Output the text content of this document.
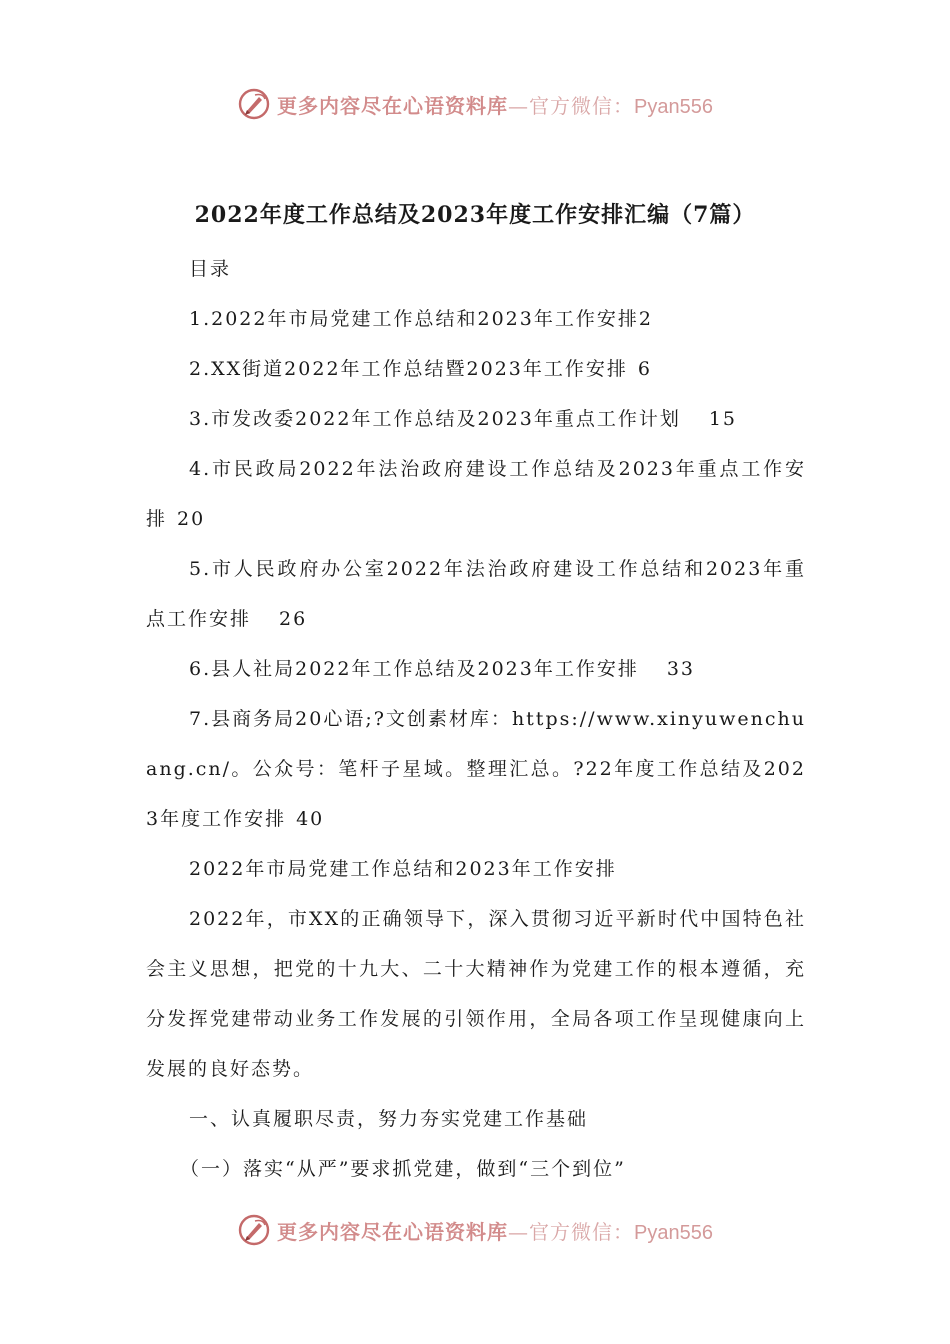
更多内容尽在心语资料库—官方微信：Pyan556
2022年度工作总结及2023年度工作安排汇编（7篇）

目录

1.2022年市局党建工作总结和2023年工作安排2

2.XX街道2022年工作总结暨2023年工作安排 6

3.市发改委2022年工作总结及2023年重点工作计划 15

4.市民政局2022年法治政府建设工作总结及2023年重点工作安排 20

5.市人民政府办公室2022年法治政府建设工作总结和2023年重点工作安排 26

6.县人社局2022年工作总结及2023年工作安排 33

7.县商务局20心语;?文创素材库：https://www.xinyuwenchuang.cn/。公众号：笔杆子星域。整理汇总。?22年度工作总结及2023年度工作安排 40

2022年市局党建工作总结和2023年工作安排

2022年，市XX的正确领导下，深入贯彻习近平新时代中国特色社会主义思想，把党的十九大、二十大精神作为党建工作的根本遵循，充分发挥党建带动业务工作发展的引领作用，全局各项工作呈现健康向上发展的良好态势。

一、认真履职尽责，努力夯实党建工作基础

（一）落实“从严”要求抓党建，做到“三个到位”

更多内容尽在心语资料库—官方微信：Pyan556
